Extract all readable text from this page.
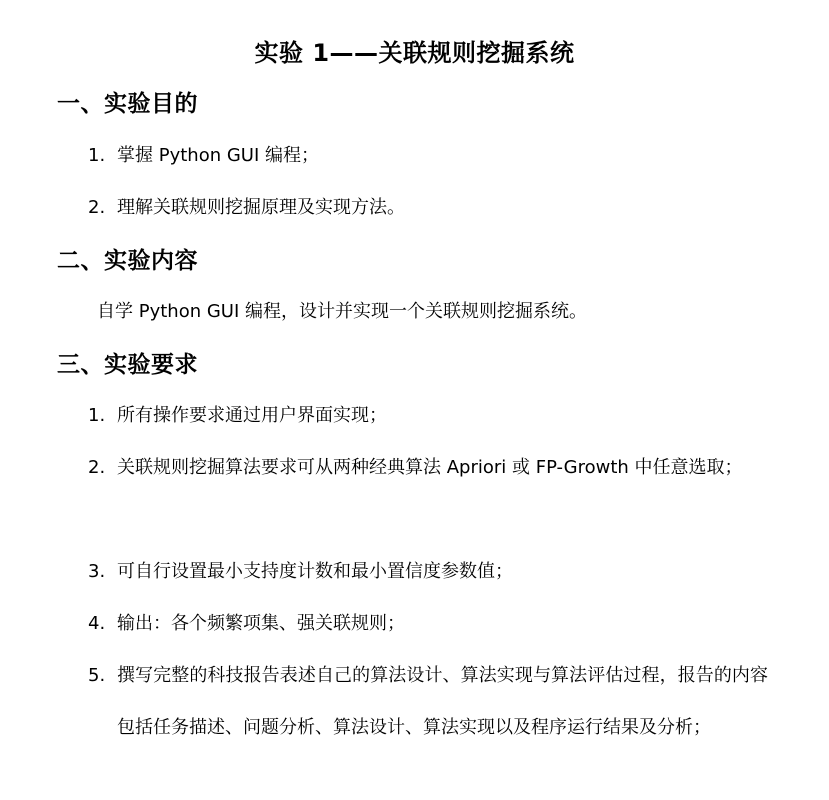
实验 1——关联规则挖掘系统
一、实验目的
1. 掌握 Python GUI 编程；
2. 理解关联规则挖掘原理及实现方法。
二、实验内容

自学 Python GUI 编程，设计并实现一个关联规则挖掘系统。

三、实验要求
1. 所有操作要求通过用户界面实现；
2. 关联规则挖掘算法要求可从两种经典算法 Apriori 或 FP-Growth 中任意选取；
3. 可自行设置最小支持度计数和最小置信度参数值；
4. 输出：各个频繁项集、强关联规则；
5. 撰写完整的科技报告表述自己的算法设计、算法实现与算法评估过程，报告的内容包括任务描述、问题分析、算法设计、算法实现以及程序运行结果及分析；
